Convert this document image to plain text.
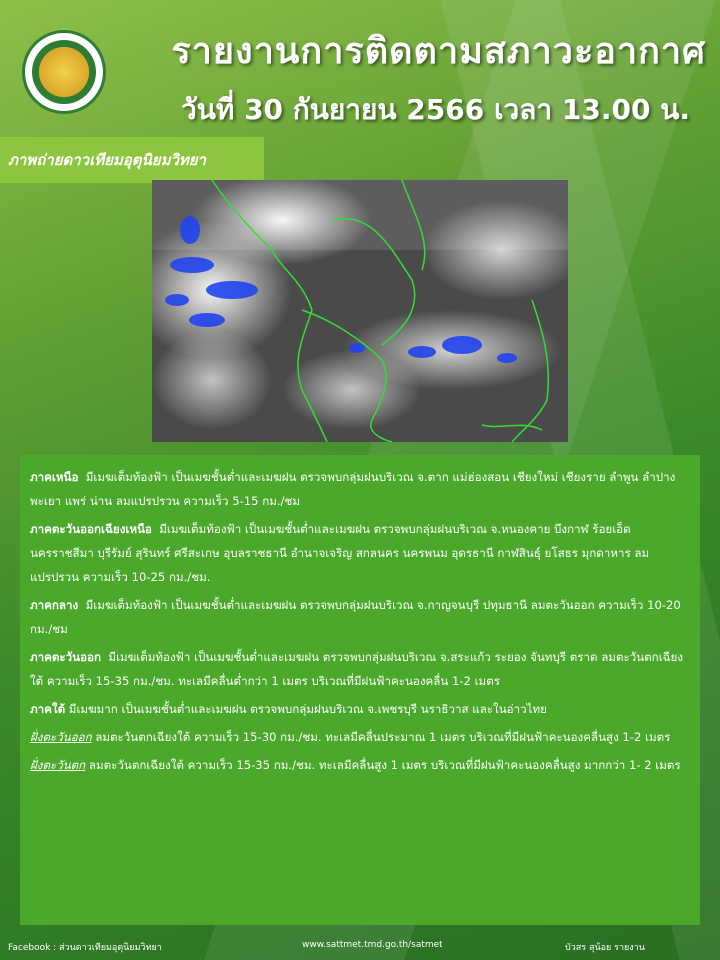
รายงานการติดตามสภาวะอากาศ
วันที่ 30 กันยายน 2566 เวลา 13.00 น.
ภาพถ่ายดาวเทียมอุตุนิยมวิทยา

ภาคเหนือ มีเมฆเต็มท้องฟ้า เป็นเมฆชั้นต่ำและเมฆฝน ตรวจพบกลุ่มฝนบริเวณ จ.ตาก แม่ฮ่องสอน เชียงใหม่ เชียงราย ลำพูน ลำปาง พะเยา แพร่ น่าน ลมแปรปรวน ความเร็ว 5-15 กม./ชม

ภาคตะวันออกเฉียงเหนือ มีเมฆเต็มท้องฟ้า เป็นเมฆชั้นต่ำและเมฆฝน ตรวจพบกลุ่มฝนบริเวณ จ.หนองคาย บึงกาฬ ร้อยเอ็ด นครราชสีมา บุรีรัมย์ สุรินทร์ ศรีสะเกษ อุบลราชธานี อำนาจเจริญ สกลนคร นครพนม อุดรธานี กาฬสินธุ์ ยโสธร มุกดาหาร ลมแปรปรวน ความเร็ว 10-25 กม./ชม.

ภาคกลาง มีเมฆเต็มท้องฟ้า เป็นเมฆชั้นต่ำและเมฆฝน ตรวจพบกลุ่มฝนบริเวณ จ.กาญจนบุรี ปทุมธานี ลมตะวันออก ความเร็ว 10-20 กม./ชม

ภาคตะวันออก มีเมฆเต็มท้องฟ้า เป็นเมฆชั้นต่ำและเมฆฝน ตรวจพบกลุ่มฝนบริเวณ จ.สระแก้ว ระยอง จันทบุรี ตราด ลมตะวันตกเฉียงใต้ ความเร็ว 15-35 กม./ชม. ทะเลมีคลื่นต่ำกว่า 1 เมตร บริเวณที่มีฝนฟ้าคะนองคลื่น 1-2 เมตร

ภาคใต้ มีเมฆมาก เป็นเมฆชั้นต่ำและเมฆฝน ตรวจพบกลุ่มฝนบริเวณ จ.เพชรบุรี นราธิวาส และในอ่าวไทย

ฝั่งตะวันออก ลมตะวันตกเฉียงใต้ ความเร็ว 15-30 กม./ชม. ทะเลมีคลื่นประมาณ 1 เมตร บริเวณที่มีฝนฟ้าคะนองคลื่นสูง 1-2 เมตร

ฝั่งตะวันตก ลมตะวันตกเฉียงใต้ ความเร็ว 15-35 กม./ชม. ทะเลมีคลื่นสูง 1 เมตร บริเวณที่มีฝนฟ้าคะนองคลื่นสูง มากกว่า 1- 2 เมตร

Facebook : ส่วนดาวเทียมอุตุนิยมวิทยา	www.sattmet.tmd.go.th/satmet	บัวสร สุน้อย รายงาน
